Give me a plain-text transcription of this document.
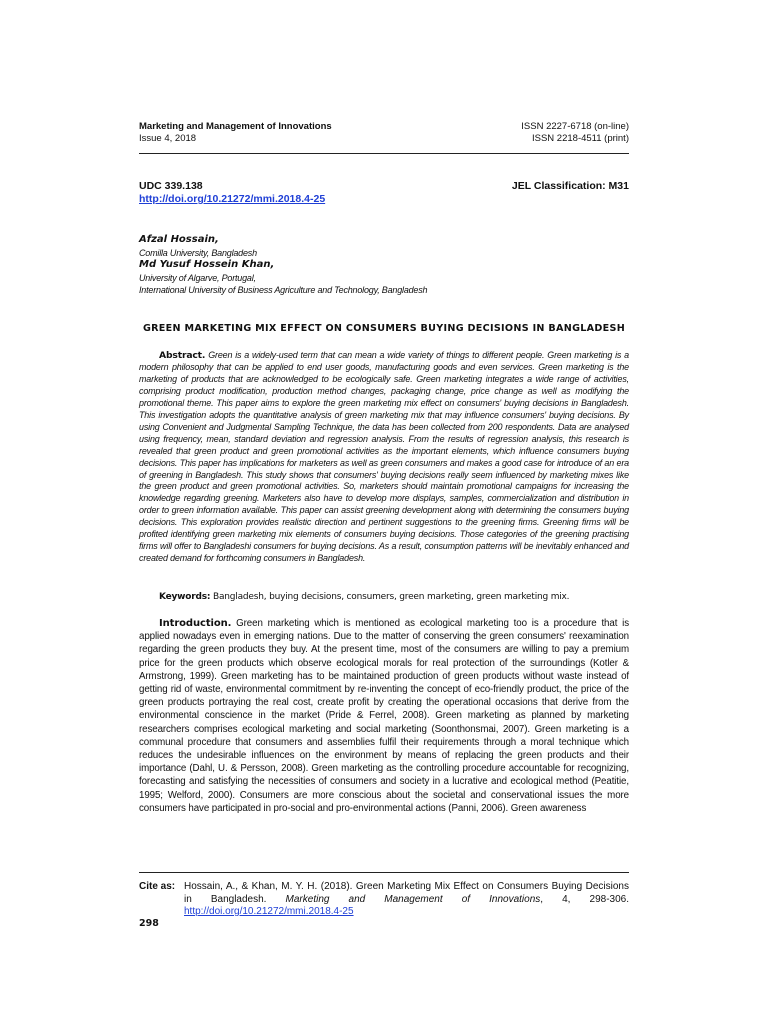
Marketing and Management of Innovations
Issue 4, 2018
ISSN 2227-6718 (on-line)
ISSN 2218-4511 (print)
UDC 339.138
http://doi.org/10.21272/mmi.2018.4-25
JEL Classification: M31
Afzal Hossain,
Comilla University, Bangladesh
Md Yusuf Hossein Khan,
University of Algarve, Portugal,
International University of Business Agriculture and Technology, Bangladesh
GREEN MARKETING MIX EFFECT ON CONSUMERS BUYING DECISIONS IN BANGLADESH

Abstract. Green is a widely-used term that can mean a wide variety of things to different people. Green marketing is a modern philosophy that can be applied to end user goods, manufacturing goods and even services. Green marketing is the marketing of products that are acknowledged to be ecologically safe. Green marketing integrates a wide range of activities, comprising product modification, production method changes, packaging change, price change as well as modifying the promotional theme. This paper aims to explore the green marketing mix effect on consumers' buying decisions in Bangladesh. This investigation adopts the quantitative analysis of green marketing mix that may influence consumers' buying decisions. By using Convenient and Judgmental Sampling Technique, the data has been collected from 200 respondents. Data are analysed using frequency, mean, standard deviation and regression analysis. From the results of regression analysis, this research is revealed that green product and green promotional activities as the important elements, which influence consumers buying decisions. This paper has implications for marketers as well as green consumers and makes a good case for introduce of an era of greening in Bangladesh. This study shows that consumers' buying decisions really seem influenced by marketing mixes like the green product and green promotional activities. So, marketers should maintain promotional campaigns for increasing the knowledge regarding greening. Marketers also have to develop more displays, samples, commercialization and distribution in order to green information available. This paper can assist greening development along with determining the consumers buying decisions. This exploration provides realistic direction and pertinent suggestions to the greening firms. Greening firms will be profited identifying green marketing mix elements of consumers buying decisions. Those categories of the greening practising firms will offer to Bangladeshi consumers for buying decisions. As a result, consumption patterns will be inevitably enhanced and created demand for forthcoming consumers in Bangladesh.

Keywords: Bangladesh, buying decisions, consumers, green marketing, green marketing mix.

Introduction. Green marketing which is mentioned as ecological marketing too is a procedure that is applied nowadays even in emerging nations. Due to the matter of conserving the green consumers' reexamination regarding the green products they buy. At the present time, most of the consumers are willing to pay a premium price for the green products which observe ecological morals for real protection of the surroundings (Kotler & Armstrong, 1999). Green marketing has to be maintained production of green products without waste instead of getting rid of waste, environmental commitment by re-inventing the concept of eco-friendly product, the price of the green products portraying the real cost, create profit by creating the operational occasions that derive from the environmental conscience in the market (Pride & Ferrel, 2008). Green marketing as planned by marketing researchers comprises ecological marketing and social marketing (Soonthonsmai, 2007). Green marketing is a communal procedure that consumers and assemblies fulfil their requirements through a moral technique which reduces the undesirable influences on the environment by means of replacing the green products and their importance (Dahl, U. & Persson, 2008). Green marketing as the controlling procedure accountable for recognizing, forecasting and satisfying the necessities of consumers and society in a lucrative and ecological method (Peatitie, 1995; Welford, 2000). Consumers are more conscious about the societal and conservational issues the more consumers have participated in pro-social and pro-environmental actions (Panni, 2006). Green awareness

Cite as: Hossain, A., & Khan, M. Y. H. (2018). Green Marketing Mix Effect on Consumers Buying Decisions in Bangladesh. Marketing and Management of Innovations, 4, 298-306. http://doi.org/10.21272/mmi.2018.4-25
298
